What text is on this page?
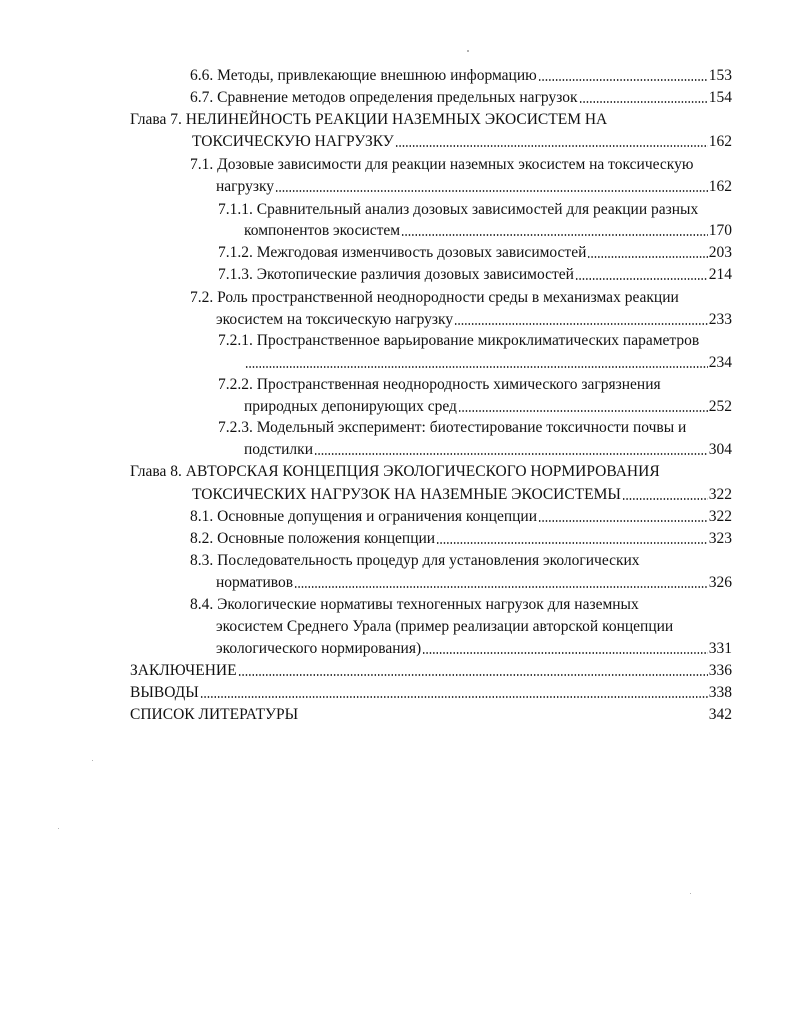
6.6. Методы, привлекающие внешнюю информацию	153
6.7. Сравнение методов определения предельных нагрузок	154
Глава 7. НЕЛИНЕЙНОСТЬ РЕАКЦИИ НАЗЕМНЫХ ЭКОСИСТЕМ НА
ТОКСИЧЕСКУЮ НАГРУЗКУ	162
7.1. Дозовые зависимости для реакции наземных экосистем на токсическую
нагрузку	162
7.1.1. Сравнительный анализ дозовых зависимостей для реакции разных
компонентов экосистем	170
7.1.2. Межгодовая изменчивость дозовых зависимостей	203
7.1.3. Экотопические различия дозовых зависимостей	214
7.2. Роль пространственной неоднородности среды в механизмах реакции
экосистем на токсическую нагрузку	233
7.2.1. Пространственное варьирование микроклиматических параметров
234
7.2.2. Пространственная неоднородность химического загрязнения
природных депонирующих сред	252
7.2.3. Модельный эксперимент: биотестирование токсичности почвы и
подстилки	304
Глава 8. АВТОРСКАЯ КОНЦЕПЦИЯ ЭКОЛОГИЧЕСКОГО НОРМИРОВАНИЯ
ТОКСИЧЕСКИХ НАГРУЗОК НА НАЗЕМНЫЕ ЭКОСИСТЕМЫ	322
8.1. Основные допущения и ограничения концепции	322
8.2. Основные положения концепции	323
8.3. Последовательность процедур для установления экологических
нормативов	326
8.4. Экологические нормативы техногенных нагрузок для наземных
экосистем Среднего Урала (пример реализации авторской концепции
экологического нормирования)	331
ЗАКЛЮЧЕНИЕ	336
ВЫВОДЫ	338
СПИСОК ЛИТЕРАТУРЫ	342
